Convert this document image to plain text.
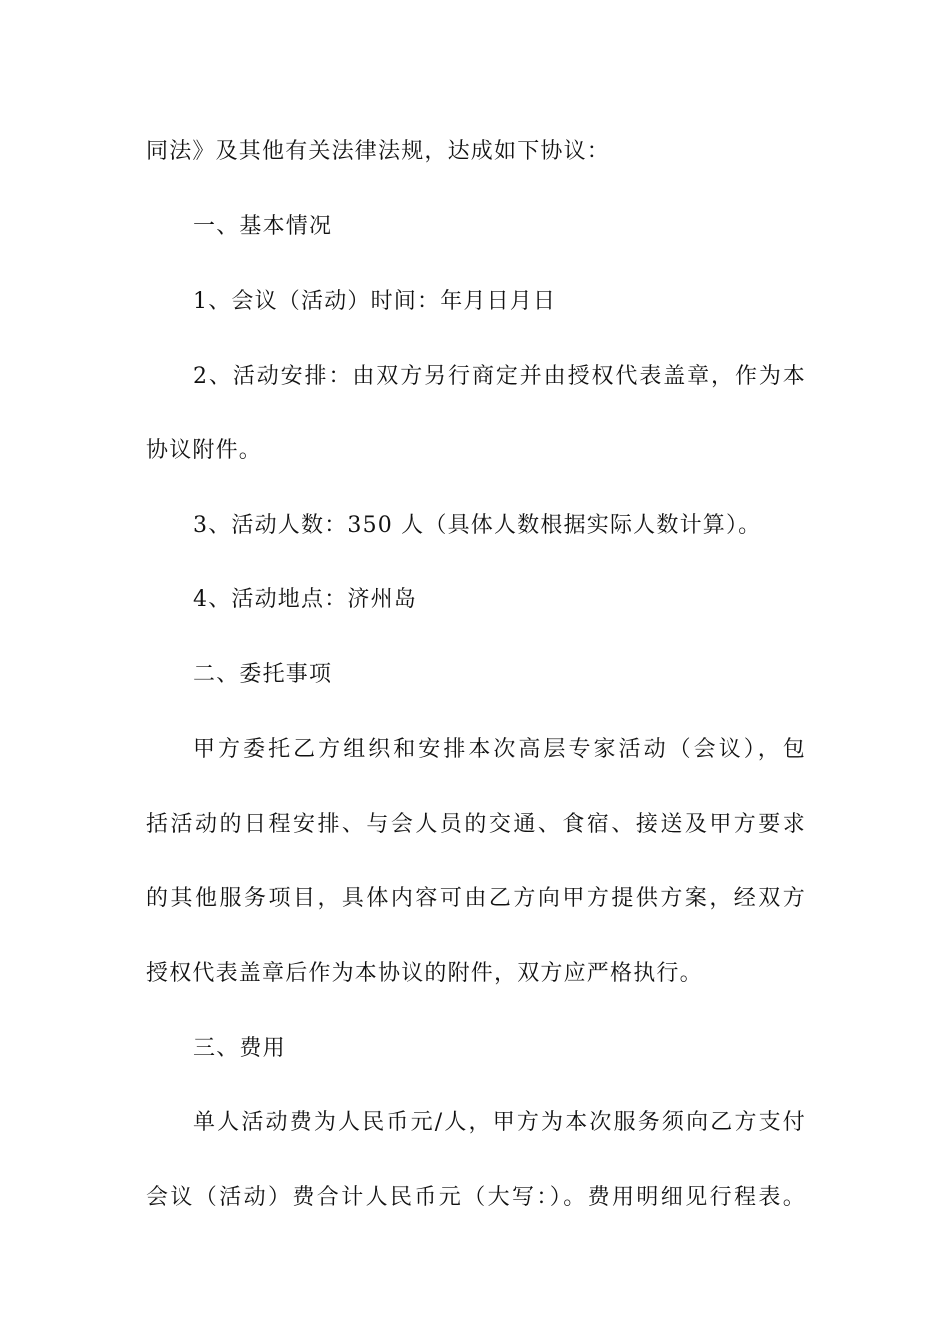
同法》及其他有关法律法规，达成如下协议：
一、基本情况
1、会议（活动）时间：年月日月日
2、活动安排：由双方另行商定并由授权代表盖章，作为本
协议附件。
3、活动人数：350 人（具体人数根据实际人数计算）。
4、活动地点：济州岛
二、委托事项
甲方委托乙方组织和安排本次高层专家活动（会议），包
括活动的日程安排、与会人员的交通、食宿、接送及甲方要求
的其他服务项目，具体内容可由乙方向甲方提供方案，经双方
授权代表盖章后作为本协议的附件，双方应严格执行。
三、费用
单人活动费为人民币元/人，甲方为本次服务须向乙方支付
会议（活动）费合计人民币元（大写：）。费用明细见行程表。
